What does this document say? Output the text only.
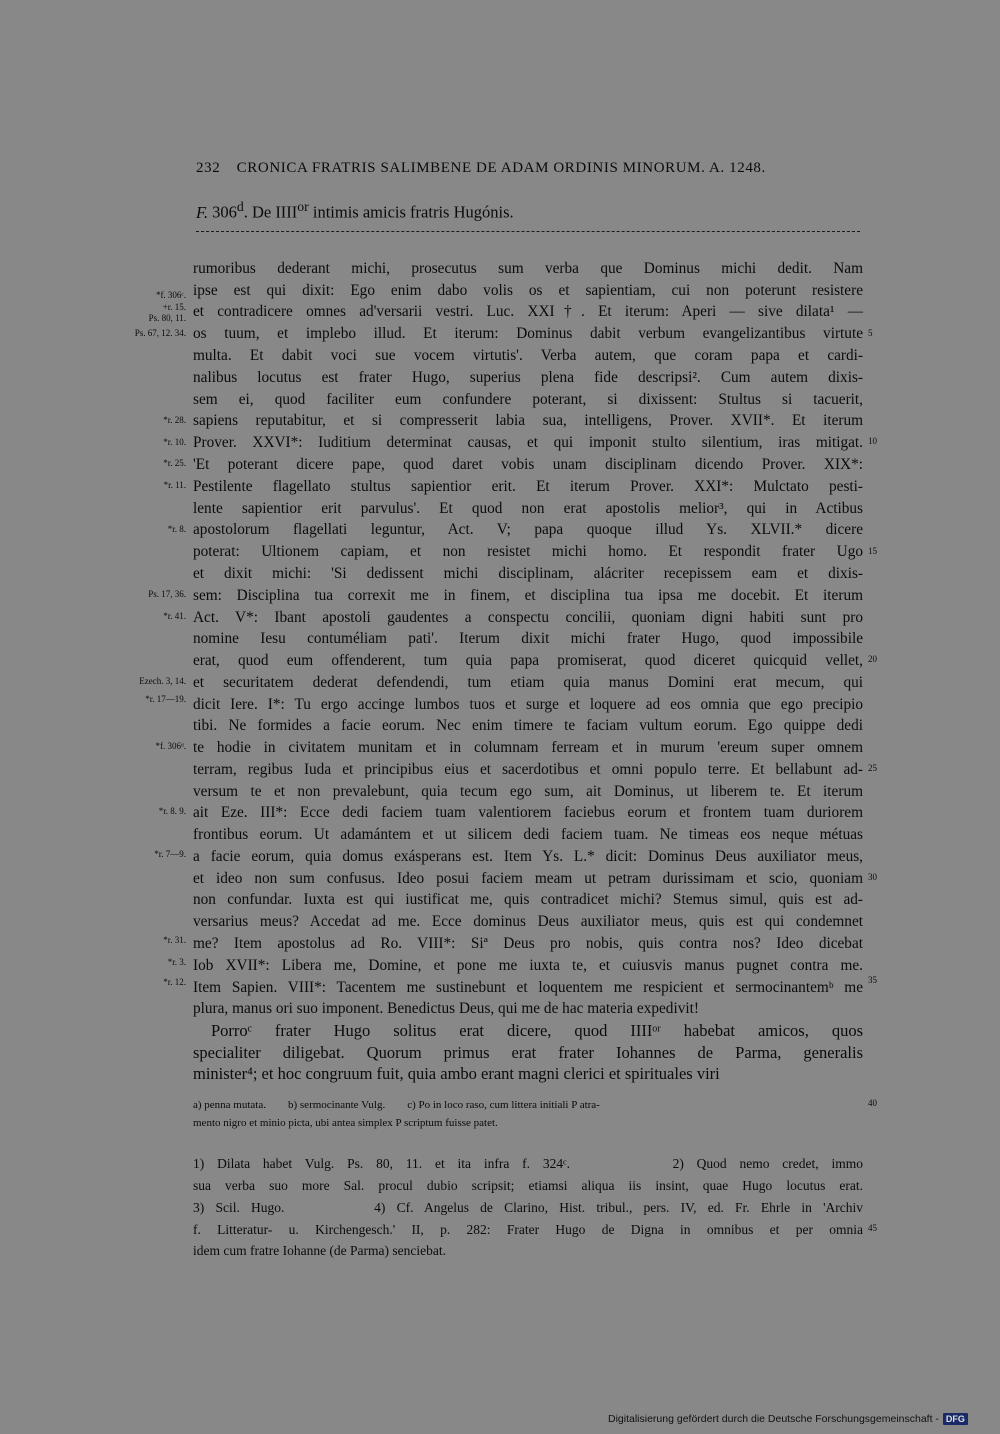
232 CRONICA FRATRIS SALIMBENE DE ADAM ORDINIS MINORUM. A. 1248.
F. 306$^d$. De $IIII^{or}$ intimis amicis fratris Hugónis.
rumoribus dederant michi, prosecutus sum verba que Dominus michi dedit. Nam
ipse est qui dixit: Ego enim dabo volis os et sapientiam, cui non poterunt resistere
et contradicere omnes ad'versarii vestri. Luc. XXI†. Et iterum: Aperi — sive dilata¹ —
os tuum, et implebo illud. Et iterum: Dominus dabit verbum evangelizantibus virtute
multa. Et dabit voci sue vocem virtutis'. Verba autem, que coram papa et cardi-
nalibus locutus est frater Hugo, superius plena fide descripsi². Cum autem dixis-
sem ei, quod faciliter eum confundere poterant, si dixissent: Stultus si tacuerit,
sapiens reputabitur, et si compresserit labia sua, intelligens, Prover. XVII*. Et iterum
Prover. XXVI*: Iuditium determinat causas, et qui imponit stulto silentium, iras mitigat.
'Et poterant dicere pape, quod daret vobis unam disciplinam dicendo Prover. XIX*:
Pestilente flagellato stultus sapientior erit. Et iterum Prover. XXI*: Mulctato pesti-
lente sapientior erit parvulus'. Et quod non erat apostolis melior³, qui in Actibus
apostolorum flagellati leguntur, Act. V; papa quoque illud Ys. XLVII.* dicere
poterat: Ultionem capiam, et non resistet michi homo. Et respondit frater Ugo
et dixit michi: 'Si dedissent michi disciplinam, alácriter recepissem eam et dixis-
sem: Disciplina tua correxit me in finem, et disciplina tua ipsa me docebit. Et iterum
Act. V*: Ibant apostoli gaudentes a conspectu concilii, quoniam digni habiti sunt pro
nomine Iesu contuméliam pati'. Iterum dixit michi frater Hugo, quod impossibile
erat, quod eum offenderent, tum quia papa promiserat, quod diceret quicquid vellet,
et securitatem dederat defendendi, tum etiam quia manus Domini erat mecum, qui
dicit Iere. I*: Tu ergo accinge lumbos tuos et surge et loquere ad eos omnia que ego precipio
tibi. Ne formides a facie eorum. Nec enim timere te faciam vultum eorum. Ego quippe dedi
te hodie in civitatem munitam et in columnam ferream et in murum 'ereum super omnem
terram, regibus Iuda et principibus eius et sacerdotibus et omni populo terre. Et bellabunt ad-
versum te et non prevalebunt, quia tecum ego sum, ait Dominus, ut liberem te. Et iterum
ait Eze. III*: Ecce dedi faciem tuam valentiorem faciebus eorum et frontem tuam duriorem
frontibus eorum. Ut adamántem et ut silicem dedi faciem tuam. Ne timeas eos neque métuas
a facie eorum, quia domus exásperans est. Item Ys. L.* dicit: Dominus Deus auxiliator meus,
et ideo non sum confusus. Ideo posui faciem meam ut petram durissimam et scio, quoniam
non confundar. Iuxta est qui iustificat me, quis contradicet michi? Stemus simul, quis est ad-
versarius meus? Accedat ad me. Ecce dominus Deus auxiliator meus, quis est qui condemnet
me? Item apostolus ad Ro. VIII*: Siª Deus pro nobis, quis contra nos? Ideo dicebat
Iob XVII*: Libera me, Domine, et pone me iuxta te, et cuiusvis manus pugnet contra me.
Item Sapien. VIII*: Tacentem me sustinebunt et loquentem me respicient et sermocinantemᵇ me
plura, manus ori suo imponent. Benedictus Deus, qui me de hac materia expedivit!
Porroᶜ frater Hugo solitus erat dicere, quod IIIIᵒʳ habebat amicos, quos
specialiter diligebat. Quorum primus erat frater Iohannes de Parma, generalis
minister⁴; et hoc congruum fuit, quia ambo erant magni clerici et spirituales viri
*f. 306ᶜ.
+r. 15.
Ps. 80, 11.
Ps. 67, 12. 34.
*r. 28.
*r. 10.
*r. 25.
*r. 11.
*r. 8.
Ps. 17, 36.
*r. 41.
Ezech. 3, 14.
*r. 17—19.
*f. 306ᵈ.
*r. 8. 9.
*r. 7—9.
*r. 31.
*r. 3.
*r. 12.
5
10
15
20
25
30
35
a) penna mutata.        b) sermocinante Vulg.        c) Po in loco raso, cum littera initiali P atra-
mento nigro et minio picta, ubi antea simplex P scriptum fuisse patet.
40
1) Dilata habet Vulg. Ps. 80, 11. et ita infra f. 324ᶜ.        2) Quod nemo credet, immo
sua verba suo more Sal. procul dubio scripsit; etiamsi aliqua iis insint, quae Hugo locutus erat.
3) Scil. Hugo.        4) Cf. Angelus de Clarino, Hist. tribul., pers. IV, ed. Fr. Ehrle in 'Archiv
f. Litteratur- u. Kirchengesch.' II, p. 282: Frater Hugo de Digna in omnibus et per omnia
idem cum fratre Iohanne (de Parma) senciebat.
45
Digitalisierung gefördert durch die Deutsche Forschungsgemeinschaft - DFG
